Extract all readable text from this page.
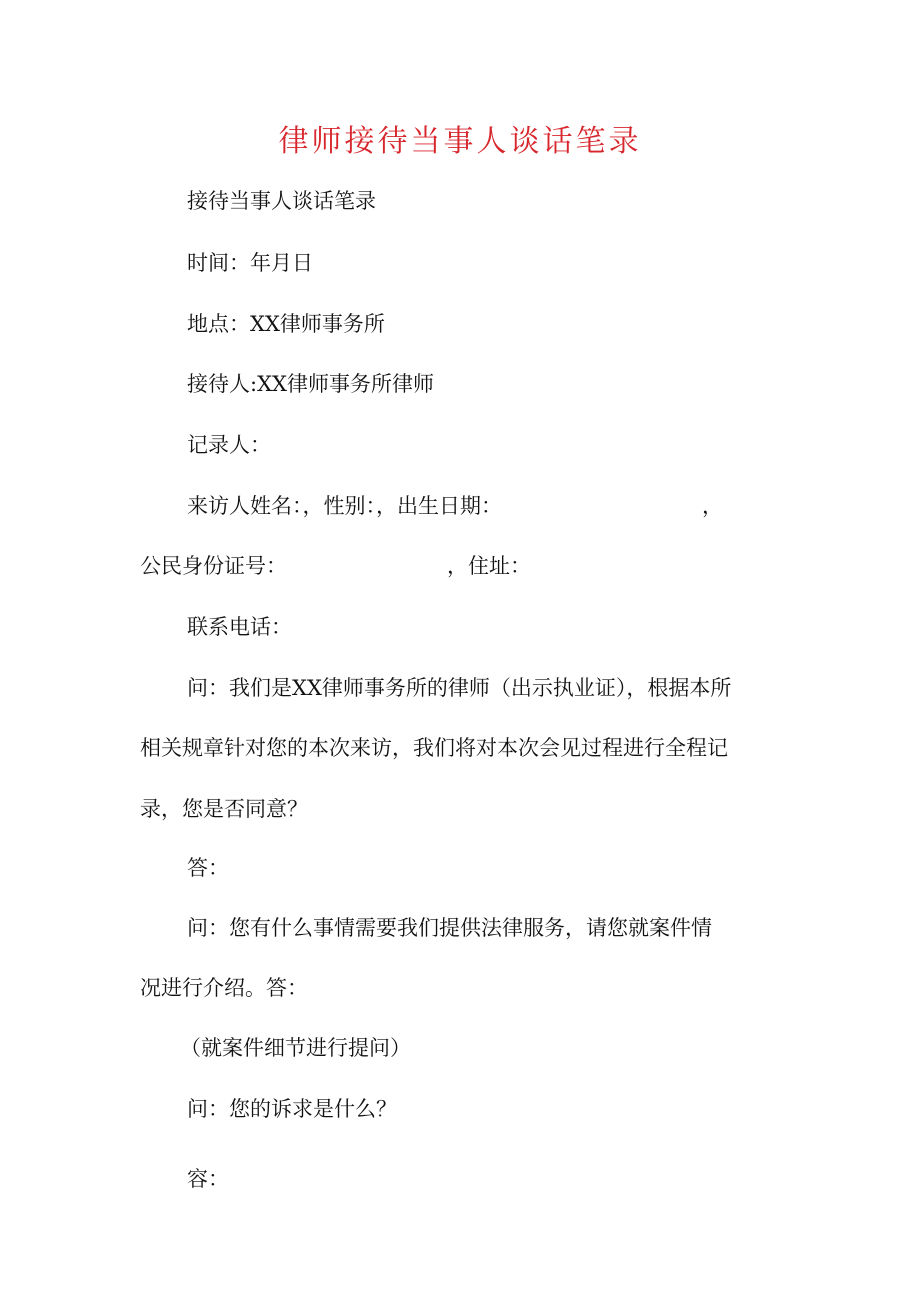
律师接待当事人谈话笔录
接待当事人谈话笔录
时间：年月日
地点：XX律师事务所
接待人:XX律师事务所律师
记录人：
来访人姓名：，性别：，出生日期：	，
公民身份证号：	，住址：
联系电话：
问：我们是XX律师事务所的律师（出示执业证），根据本所
相关规章针对您的本次来访，我们将对本次会见过程进行全程记
录，您是否同意？
答：
问：您有什么事情需要我们提供法律服务，请您就案件情
况进行介绍。答：
（就案件细节进行提问）
问：您的诉求是什么？
容：
